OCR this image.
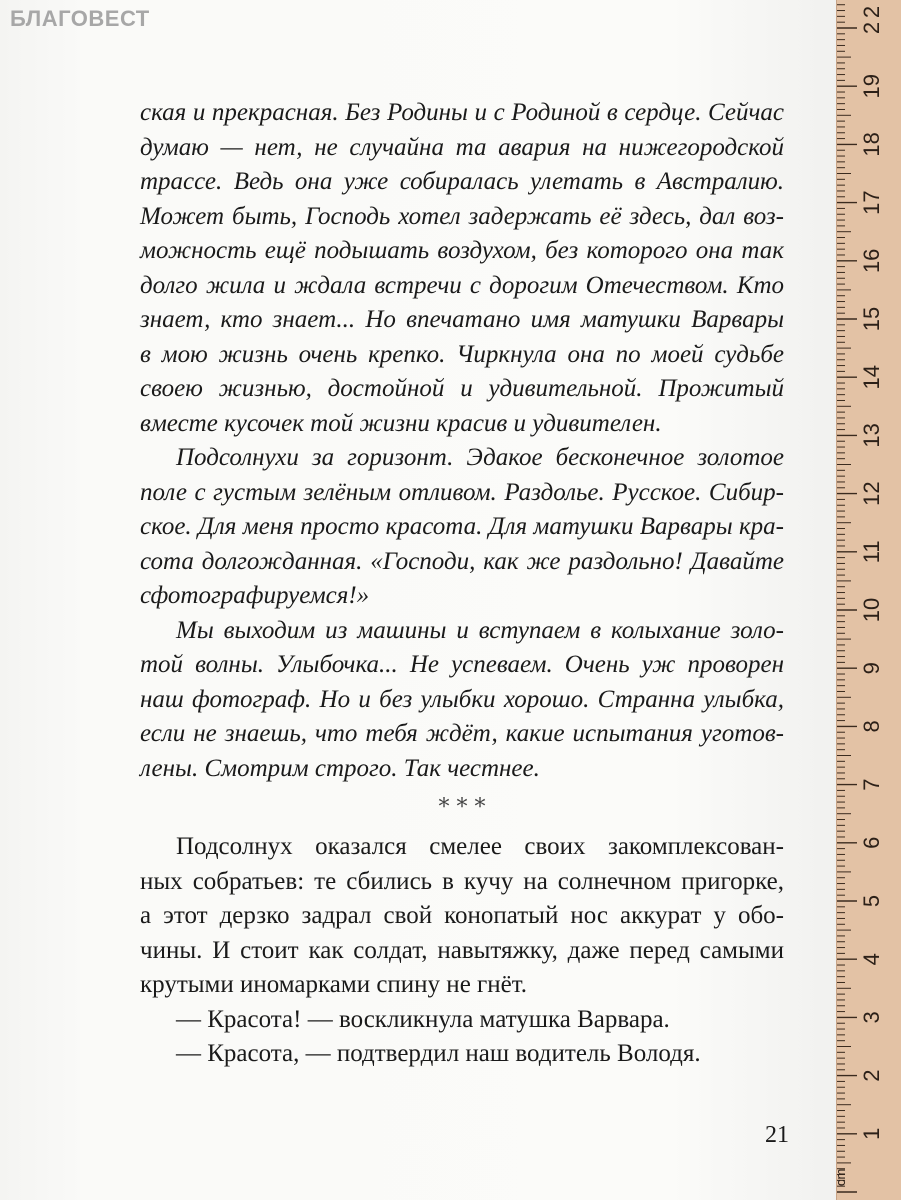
БЛАГОВЕСТ
ская и прекрасная. Без Родины и с Родиной в сердце. Сейчас
думаю — нет, не случайна та авария на нижегородской
трассе. Ведь она уже собиралась улетать в Австралию.
Может быть, Господь хотел задержать её здесь, дал воз-
можность ещё подышать воздухом, без которого она так
долго жила и ждала встречи с дорогим Отечеством. Кто
знает, кто знает... Но впечатано имя матушки Варвары
в мою жизнь очень крепко. Чиркнула она по моей судьбе
своею жизнью, достойной и удивительной. Прожитый
вместе кусочек той жизни красив и удивителен.
Подсолнухи за горизонт. Эдакое бесконечное золотое
поле с густым зелёным отливом. Раздолье. Русское. Сибир-
ское. Для меня просто красота. Для матушки Варвары кра-
сота долгожданная. «Господи, как же раздольно! Давайте
сфотографируемся!»
Мы выходим из машины и вступаем в колыхание золо-
той волны. Улыбочка... Не успеваем. Очень уж проворен
наш фотограф. Но и без улыбки хорошо. Странна улыбка,
если не знаешь, что тебя ждёт, какие испытания уготов-
лены. Смотрим строго. Так честнее.
* * *
Подсолнух оказался смелее своих закомплексован-
ных собратьев: те сбились в кучу на солнечном пригорке,
а этот дерзко задрал свой конопатый нос аккурат у обо-
чины. И стоит как солдат, навытяжку, даже перед самыми
крутыми иномарками спину не гнёт.
— Красота! — воскликнула матушка Варвара.
— Красота, — подтвердил наш водитель Володя.
21	1
2
3
4
5
6
7
8
9
10
11
12
13
14
15
16
17
18
19
2
2
cm
